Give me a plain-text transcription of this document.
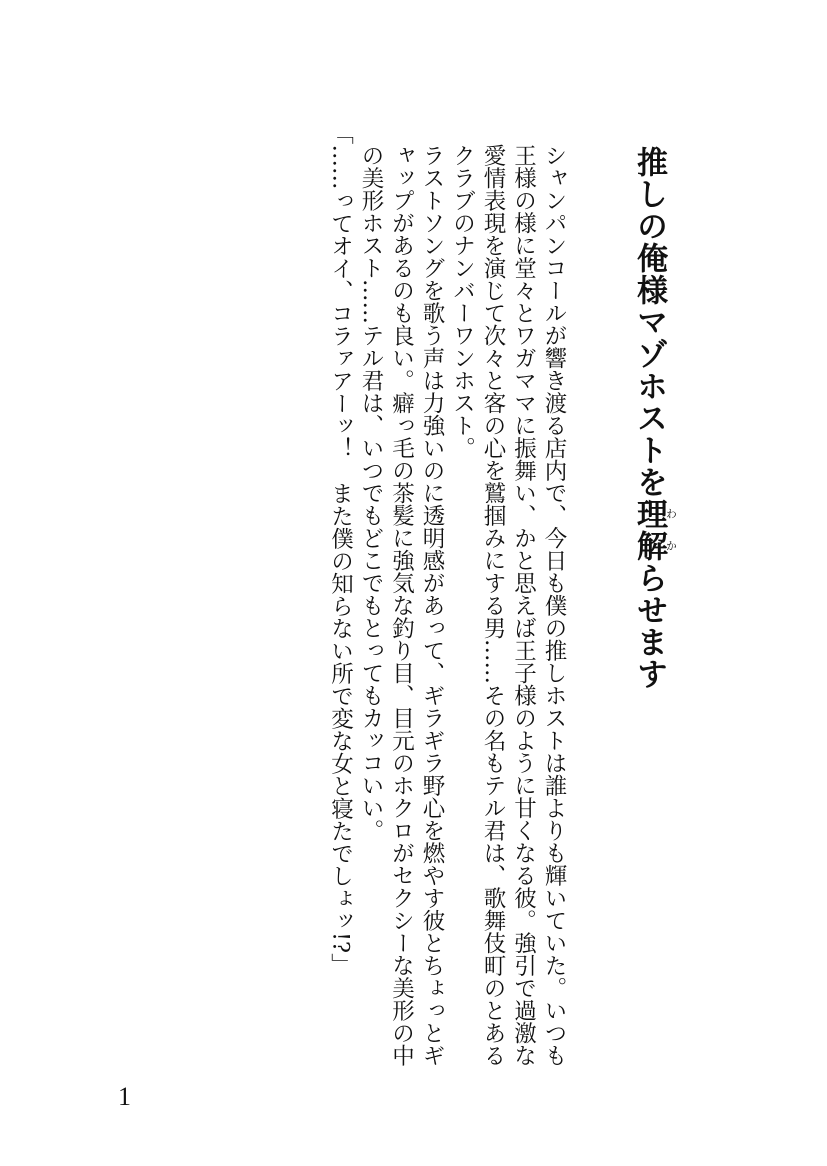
推しの俺様マゾホストを理解わからせます

シャンパンコールが響き渡る店内で、今日も僕の推しホストは誰よりも輝いていた。いつも王様の様に堂々とワガママに振舞い、かと思えば王子様のように甘くなる彼。強引で過激な愛情表現を演じて次々と客の心を鷲掴みにする男……その名もテル君は、歌舞伎町のとあるクラブのナンバーワンホスト。

ラストソングを歌う声は力強いのに透明感があって、ギラギラ野心を燃やす彼とちょっとギャップがあるのも良い。癖っ毛の茶髪に強気な釣り目、目元のホクロがセクシーな美形の中の美形ホスト……テル君は、いつでもどこでもとってもカッコいい。

「……ってオイ、コラァアーッ！　また僕の知らない所で変な女と寝たでしょッ!?」

1
